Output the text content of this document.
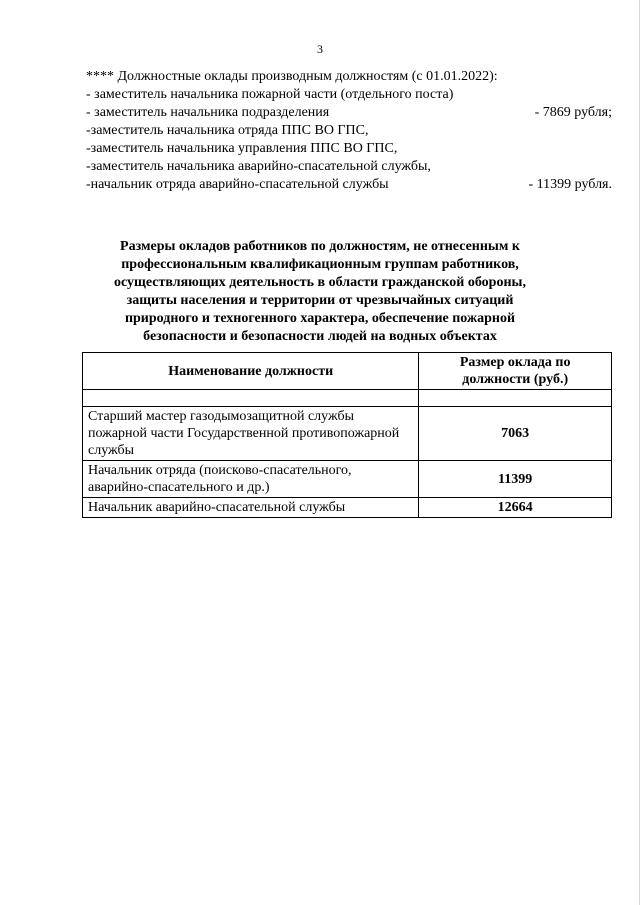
3
**** Должностные оклады производным должностям (с 01.01.2022):
- заместитель начальника пожарной части (отдельного поста)
- заместитель начальника подразделения	- 7869 рубля;
-заместитель начальника отряда ППС ВО ГПС,
-заместитель начальника управления ППС ВО ГПС,
-заместитель начальника аварийно-спасательной службы,
-начальник отряда аварийно-спасательной службы	- 11399 рубля.
Размеры окладов работников по должностям, не отнесенным к профессиональным квалификационным группам работников, осуществляющих деятельность в области гражданской обороны, защиты населения и территории от чрезвычайных ситуаций природного и техногенного характера, обеспечение пожарной безопасности и безопасности людей на водных объектах
Наименование должности	Размер оклада по должности (руб.)

Старший мастер газодымозащитной службы пожарной части Государственной противопожарной службы	7063
Начальник отряда (поисково-спасательного, аварийно-спасательного и др.)	11399
Начальник аварийно-спасательной службы	12664
